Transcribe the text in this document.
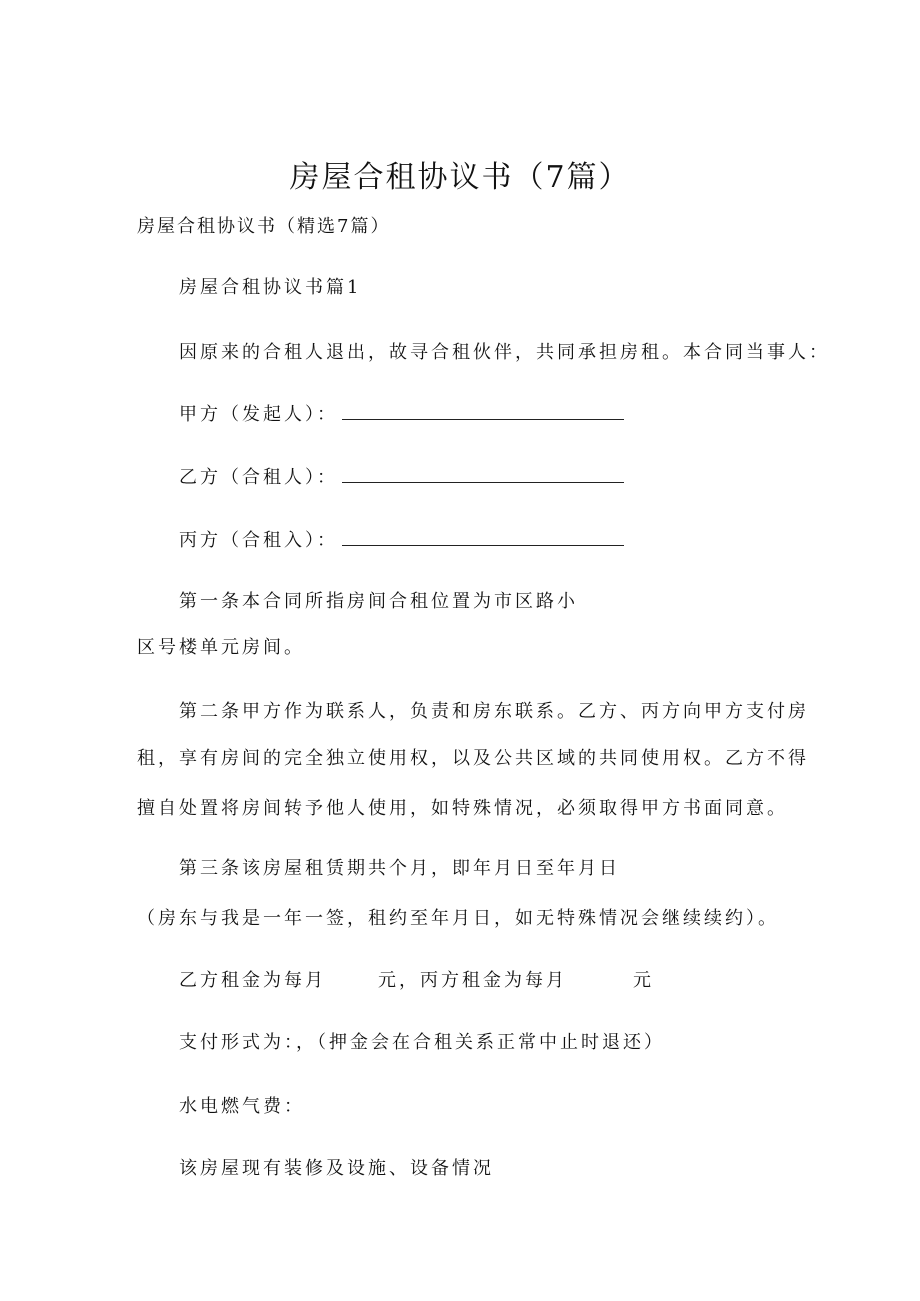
房屋合租协议书（7篇）
房屋合租协议书（精选7篇）
房屋合租协议书篇1
因原来的合租人退出，故寻合租伙伴，共同承担房租。本合同当事人：
甲方（发起人）：
乙方（合租人）：
丙方（合租入）：
第一条本合同所指房间合租位置为市区路小
区号楼单元房间。
第二条甲方作为联系人，负责和房东联系。乙方、丙方向甲方支付房
租，享有房间的完全独立使用权，以及公共区域的共同使用权。乙方不得
擅自处置将房间转予他人使用，如特殊情况，必须取得甲方书面同意。
第三条该房屋租赁期共个月，即年月日至年月日
（房东与我是一年一签，租约至年月日，如无特殊情况会继续续约）。
乙方租金为每月	元，丙方租金为每月	元
支付形式为：，（押金会在合租关系正常中止时退还）
水电燃气费：
该房屋现有装修及设施、设备情况
